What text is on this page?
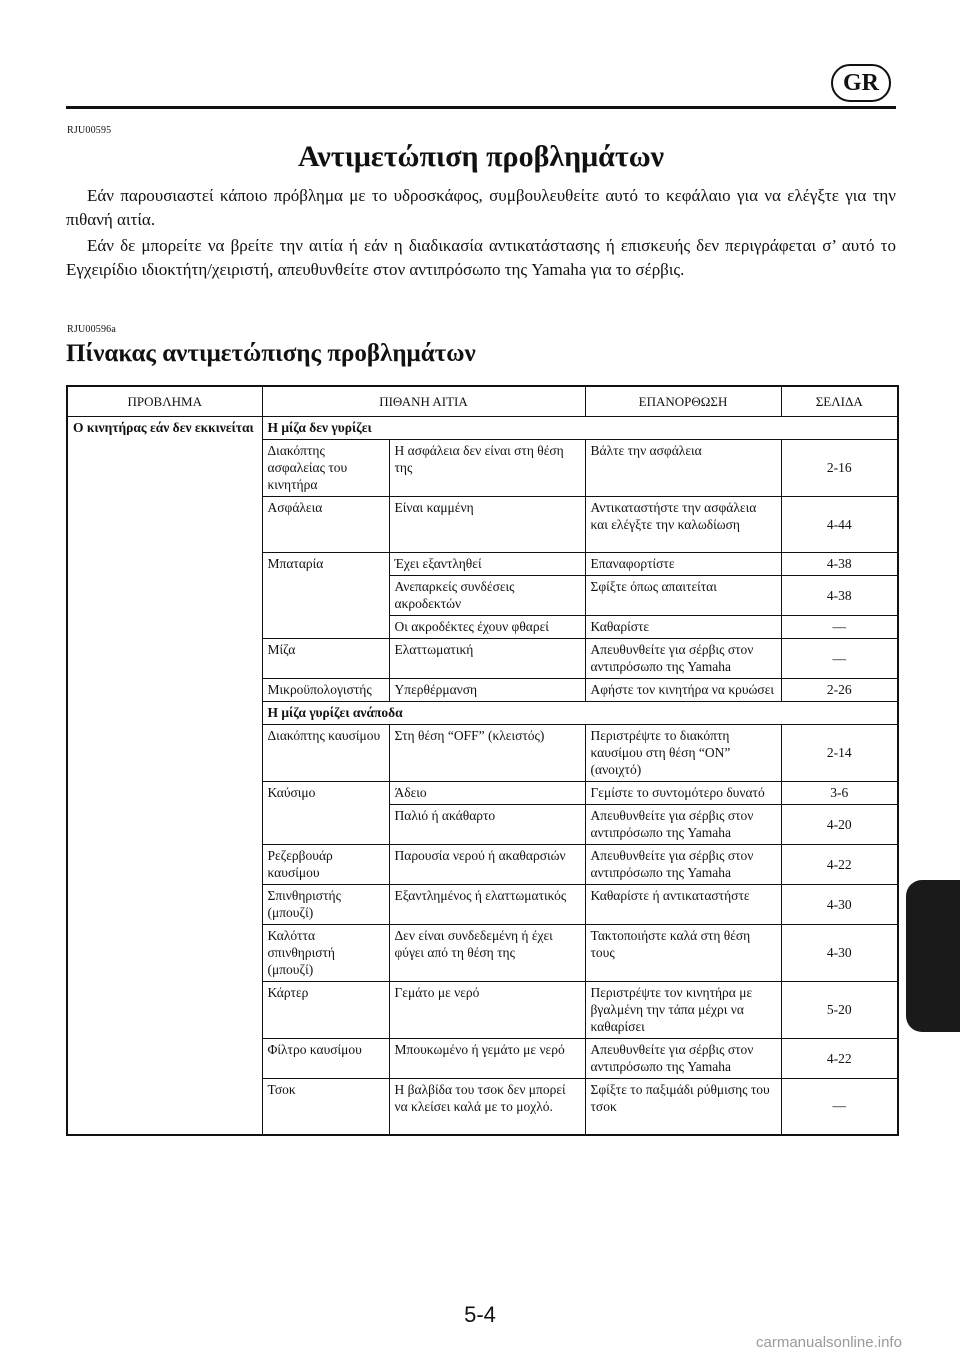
GR
RJU00595
Αντιμετώπιση προβλημάτων

Εάν παρουσιαστεί κάποιο πρόβλημα με το υδροσκάφος, συμβουλευθείτε αυτό το κεφάλαιο για να ελέγξτε για την πιθανή αιτία.

Εάν δε μπορείτε να βρείτε την αιτία ή εάν η διαδικασία αντικατάστασης ή επισκευής δεν περιγράφεται σ’ αυτό το Εγχειρίδιο ιδιοκτήτη/χειριστή, απευθυνθείτε στον αντιπρόσωπο της Yamaha για το σέρβις.

RJU00596a
Πίνακας αντιμετώπισης προβλημάτων
ΠΡΟΒΛΗΜΑ	ΠΙΘΑΝΗ ΑΙΤΙΑ		ΕΠΑΝΟΡΘΩΣΗ	ΣΕΛΙΔΑ
Ο κινητήρας εάν δεν εκκινείται	Η μίζα δεν γυρίζει			
	Διακόπτης ασφαλείας του κινητήρα	Η ασφάλεια δεν είναι στη θέση της	Βάλτε την ασφάλεια	2-16
	Ασφάλεια	Είναι καμμένη	Αντικαταστήστε την ασφάλεια και ελέγξτε την καλωδίωση	4-44
	Μπαταρία	Έχει εξαντληθεί	Επαναφορτίστε	4-38
		Ανεπαρκείς συνδέσεις ακροδεκτών	Σφίξτε όπως απαιτείται	4-38
		Οι ακροδέκτες έχουν φθαρεί	Καθαρίστε	—
	Μίζα	Ελαττωματική	Απευθυνθείτε για σέρβις στον αντιπρόσωπο της Yamaha	—
	Μικροϋπολογιστής	Υπερθέρμανση	Αφήστε τον κινητήρα να κρυώσει	2-26
	Η μίζα γυρίζει ανάποδα			
	Διακόπτης καυσίμου	Στη θέση “OFF” (κλειστός)	Περιστρέψτε το διακόπτη καυσίμου στη θέση “ON” (ανοιχτό)	2-14
	Καύσιμο	Άδειο	Γεμίστε το συντομότερο δυνατό	3-6
		Παλιό ή ακάθαρτο	Απευθυνθείτε για σέρβις στον αντιπρόσωπο της Yamaha	4-20
	Ρεζερβουάρ καυσίμου	Παρουσία νερού ή ακαθαρσιών	Απευθυνθείτε για σέρβις στον αντιπρόσωπο της Yamaha	4-22
	Σπινθηριστής (μπουζί)	Εξαντλημένος ή ελαττωματικός	Καθαρίστε ή αντικαταστήστε	4-30
	Καλόττα σπινθηριστή (μπουζί)	Δεν είναι συνδεδεμένη ή έχει φύγει από τη θέση της	Τακτοποιήστε καλά στη θέση τους	4-30
	Κάρτερ	Γεμάτο με νερό	Περιστρέψτε τον κινητήρα με βγαλμένη την τάπα μέχρι να καθαρίσει	5-20
	Φίλτρο καυσίμου	Μπουκωμένο ή γεμάτο με νερό	Απευθυνθείτε για σέρβις στον αντιπρόσωπο της Yamaha	4-22
	Τσοκ	Η βαλβίδα του τσοκ δεν μπορεί να κλείσει καλά με το μοχλό.	Σφίξτε το παξιμάδι ρύθμισης του τσοκ	—
5-4
carmanualsonline.info
